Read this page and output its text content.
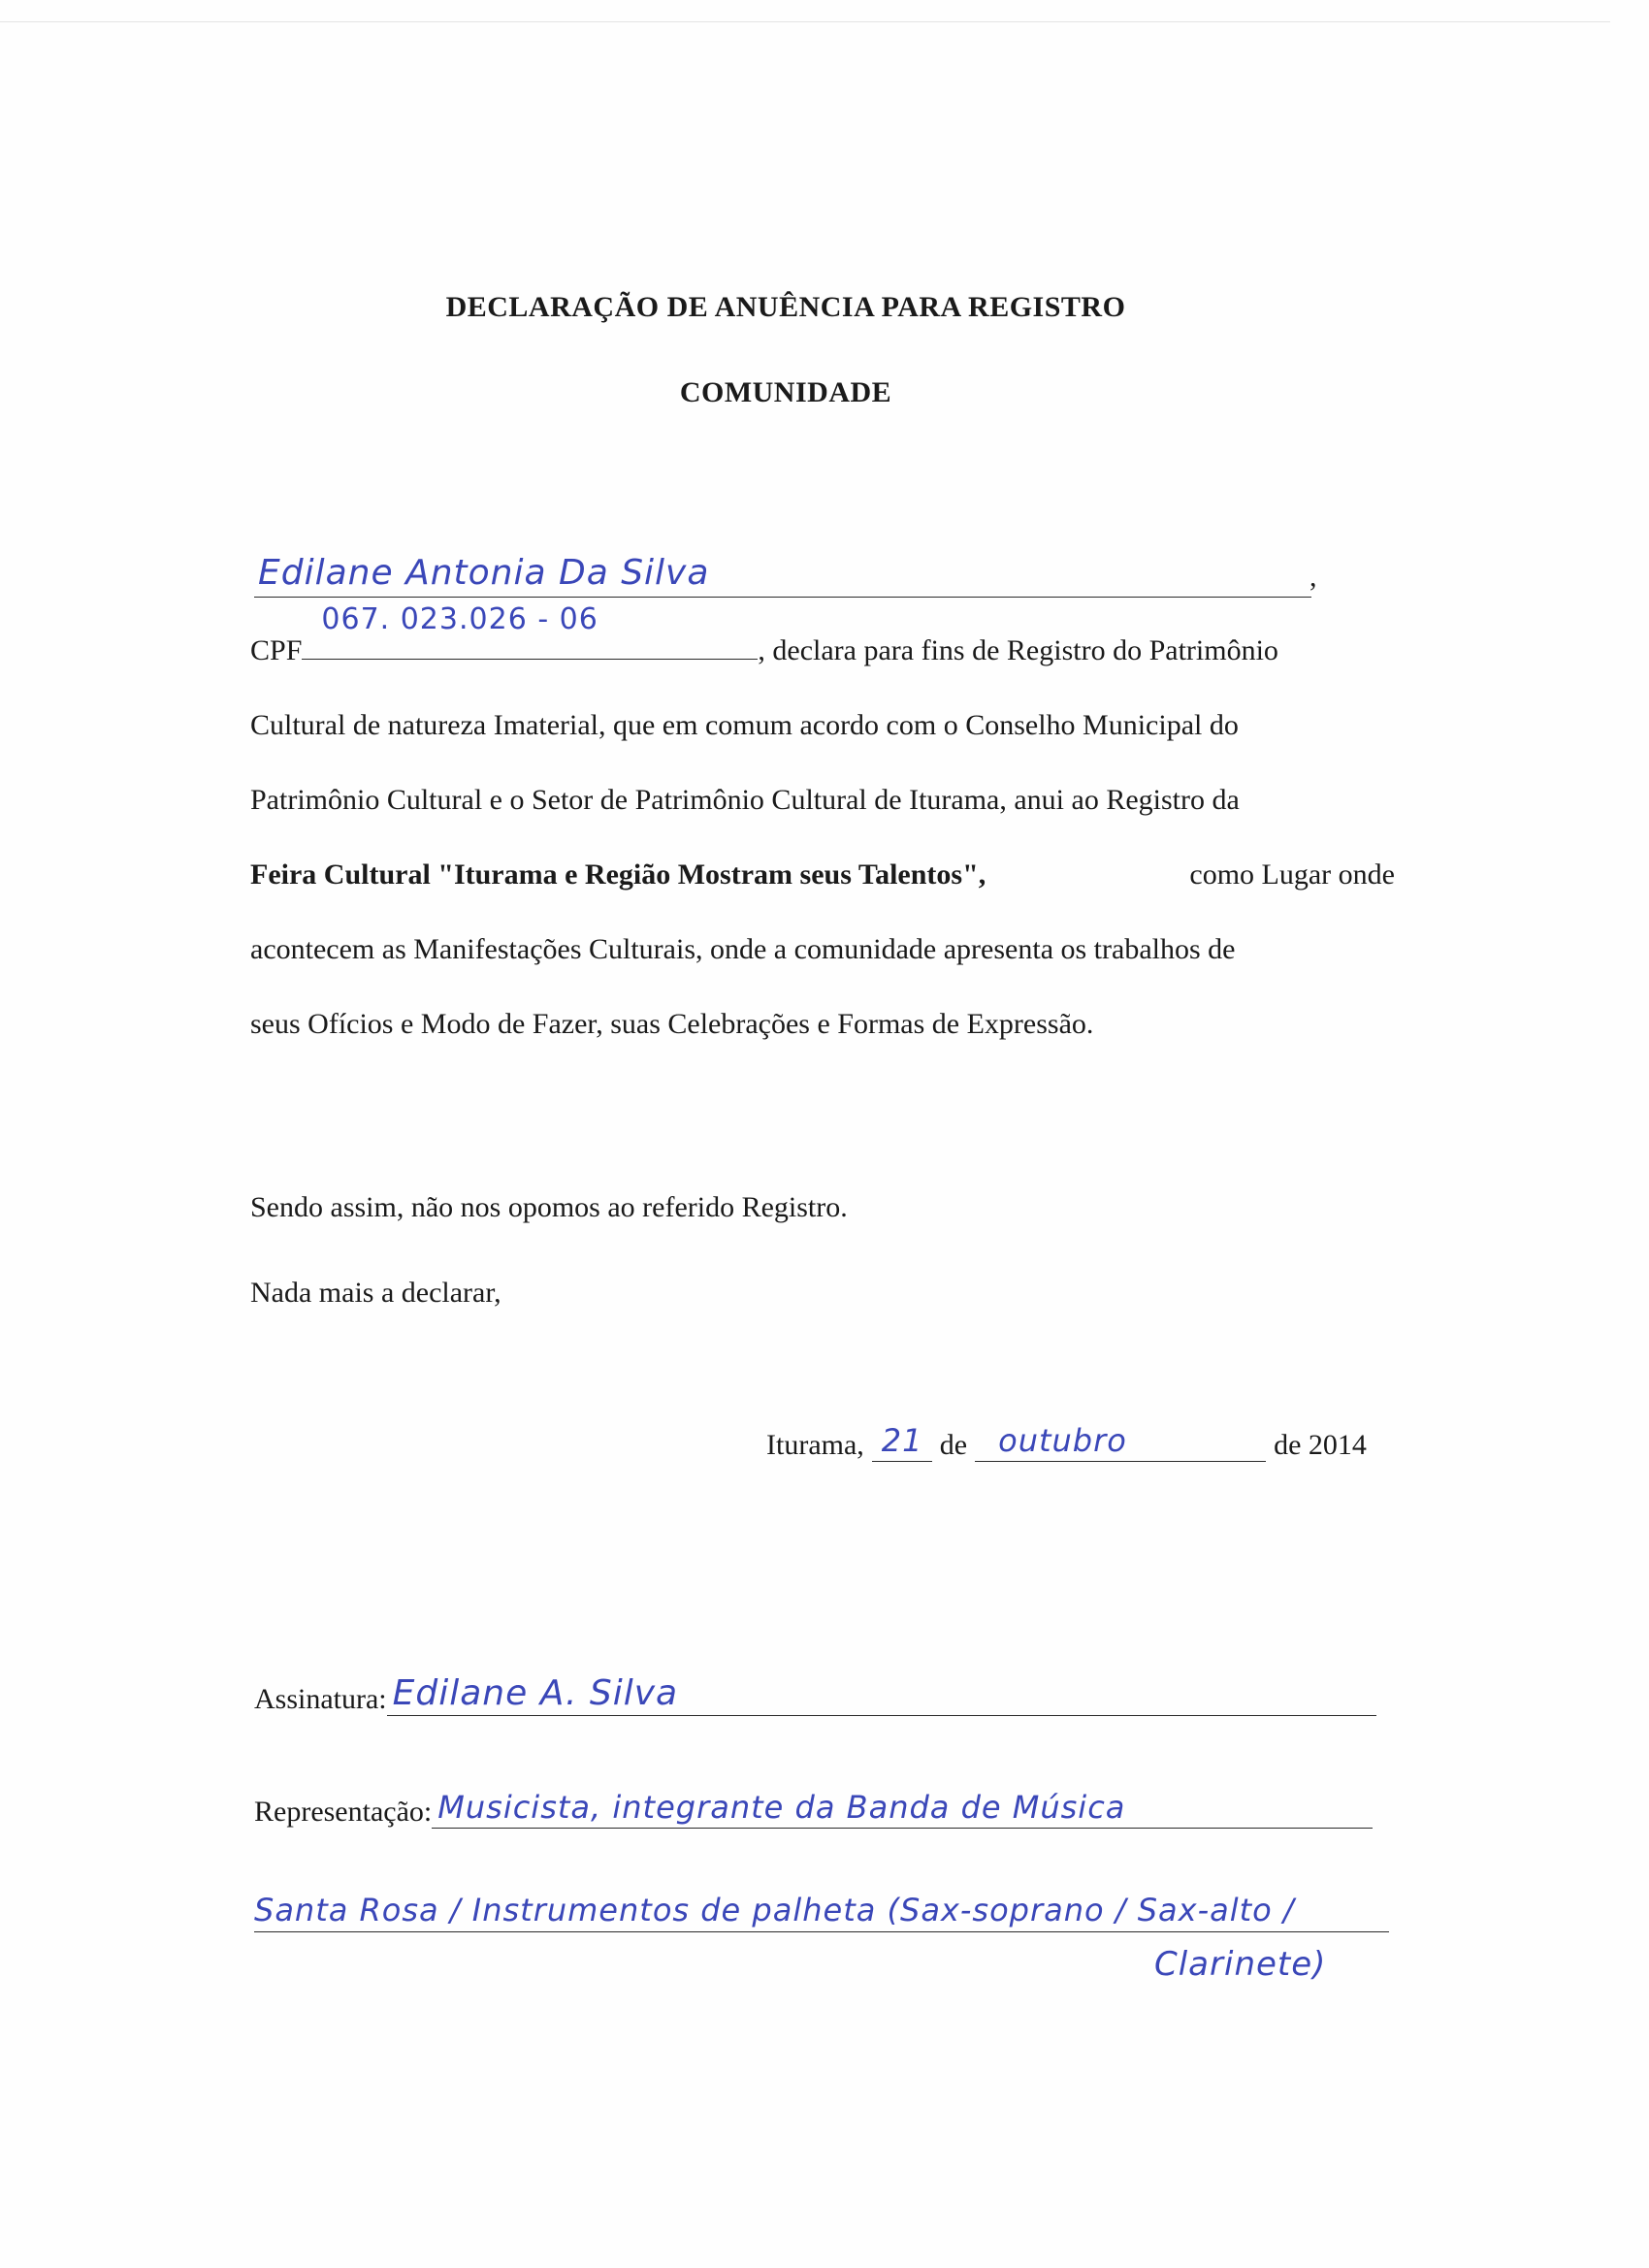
DECLARAÇÃO DE ANUÊNCIA PARA REGISTRO
COMUNIDADE
Edilane Antonia Da Silva	,
CPF
067. 023.026 - 06
, declara para fins de Registro do Patrimônio
Cultural de natureza Imaterial, que em comum acordo com o Conselho Municipal do
Patrimônio Cultural e o Setor de Patrimônio Cultural de Iturama, anui ao Registro da
Feira Cultural "Iturama e Região Mostram seus Talentos",	como Lugar onde
acontecem as Manifestações Culturais, onde a comunidade apresenta os trabalhos de
seus Ofícios e Modo de Fazer, suas Celebrações e Formas de Expressão.
Sendo assim, não nos opomos ao referido Registro.
Nada mais a declarar,
Iturama, 21 de outubro	de 2014
Assinatura: Edilane A. Silva
Representação: Musicista, integrante da Banda de Música
Santa Rosa / Instrumentos de palheta (Sax-soprano / Sax-alto /
Clarinete)
